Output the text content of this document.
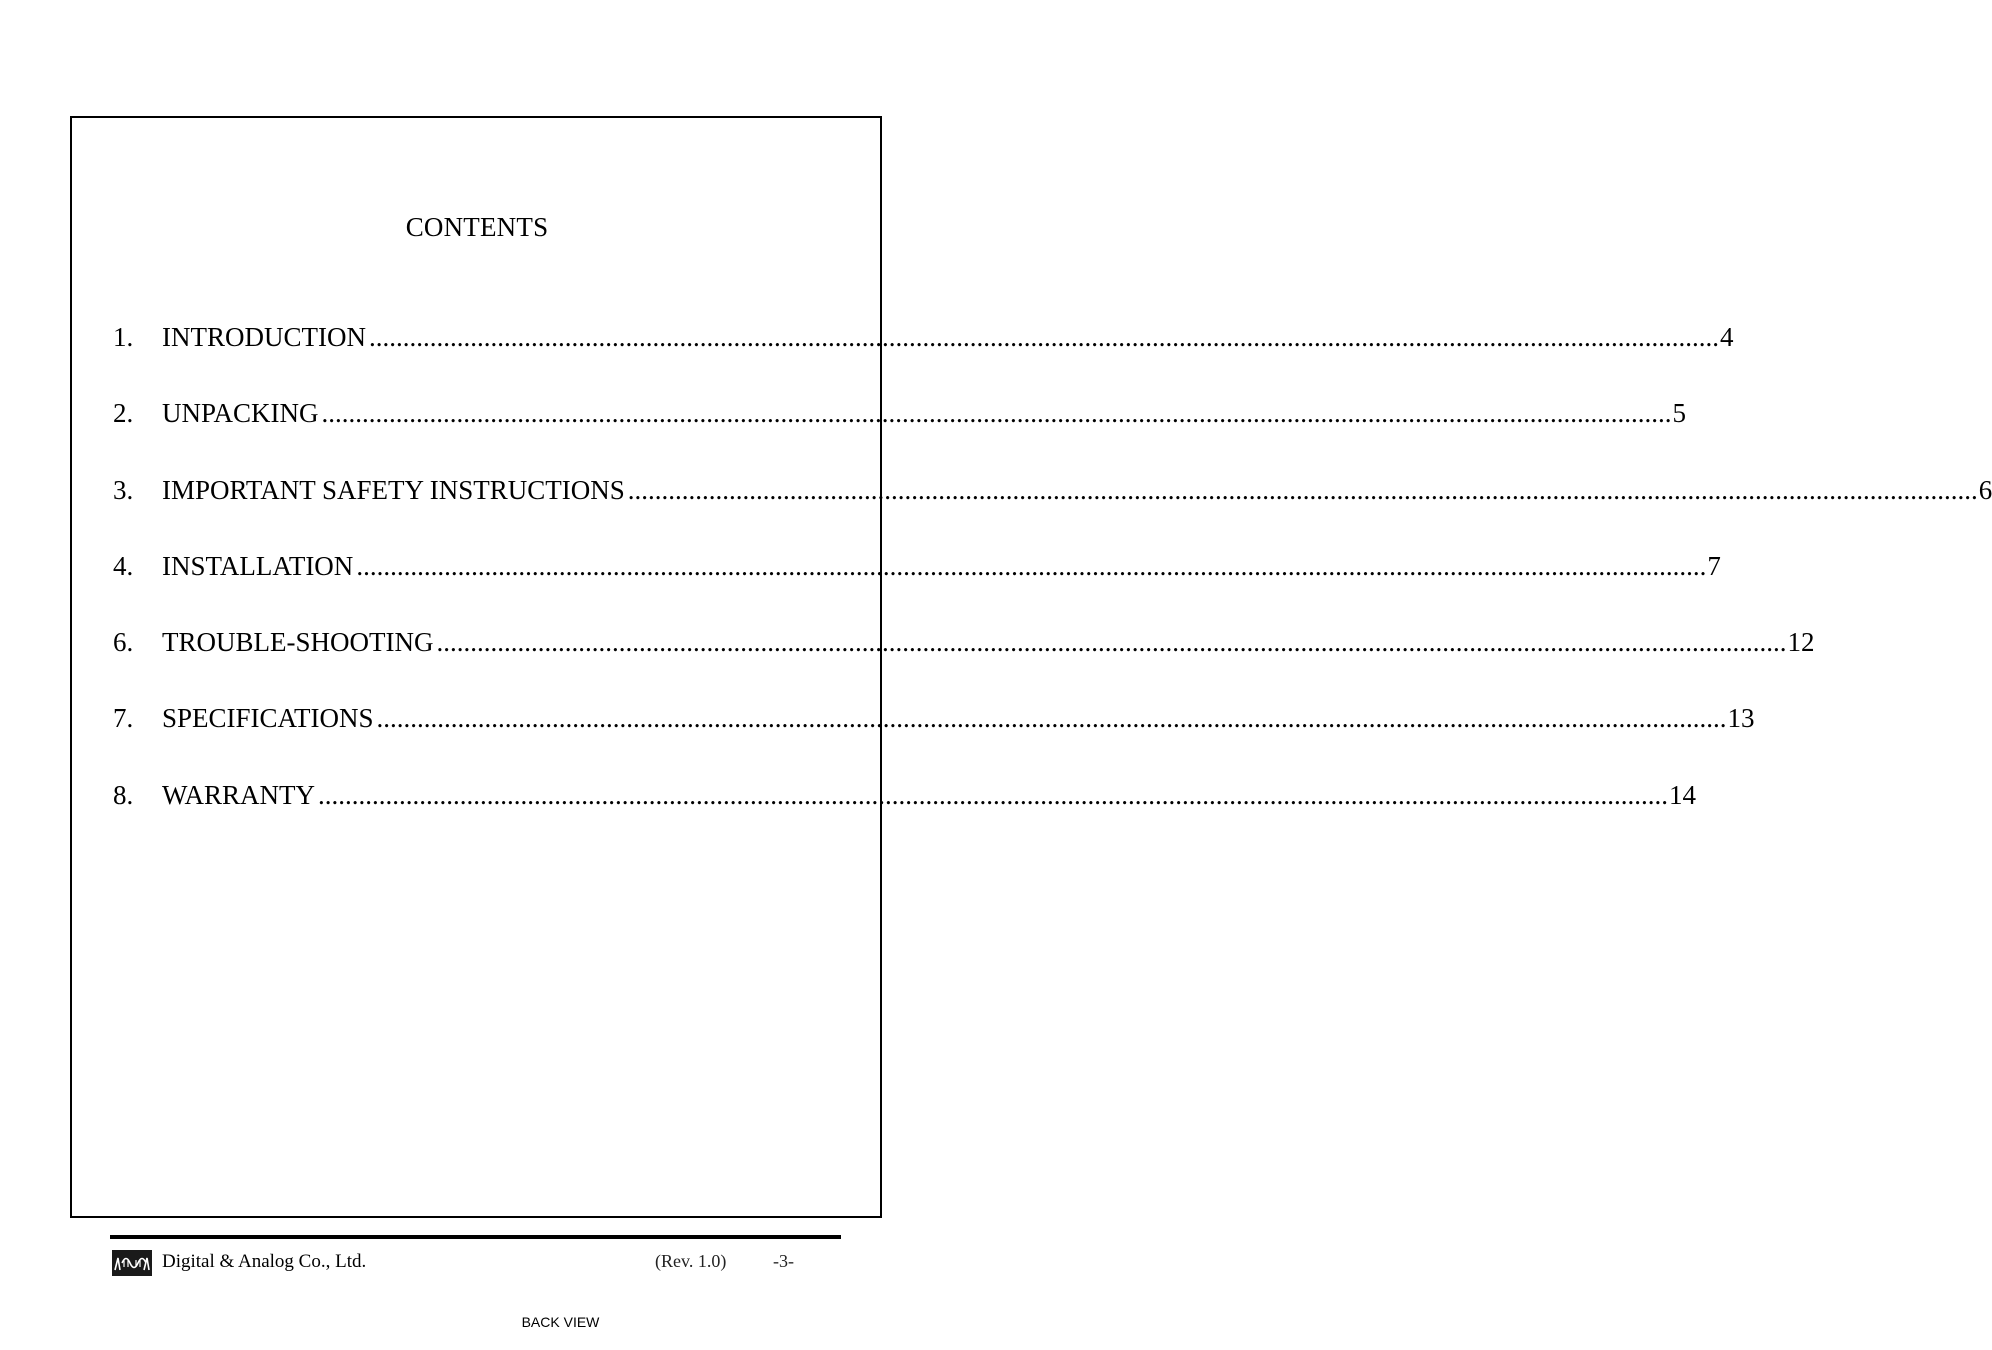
CONTENTS
1.	INTRODUCTION ........................................................................................................................................................................................................ 4
2.	UNPACKING ........................................................................................................................................................................................................ 5
3.	IMPORTANT SAFETY INSTRUCTIONS ........................................................................................................................................................................................................ 6
4.	INSTALLATION ........................................................................................................................................................................................................ 7
6.	TROUBLE-SHOOTING ........................................................................................................................................................................................................ 12
7.	SPECIFICATIONS ........................................................................................................................................................................................................ 13
8.	WARRANTY ........................................................................................................................................................................................................ 14
Digital & Analog Co., Ltd.	(Rev. 1.0)	-3-
BACK VIEW
